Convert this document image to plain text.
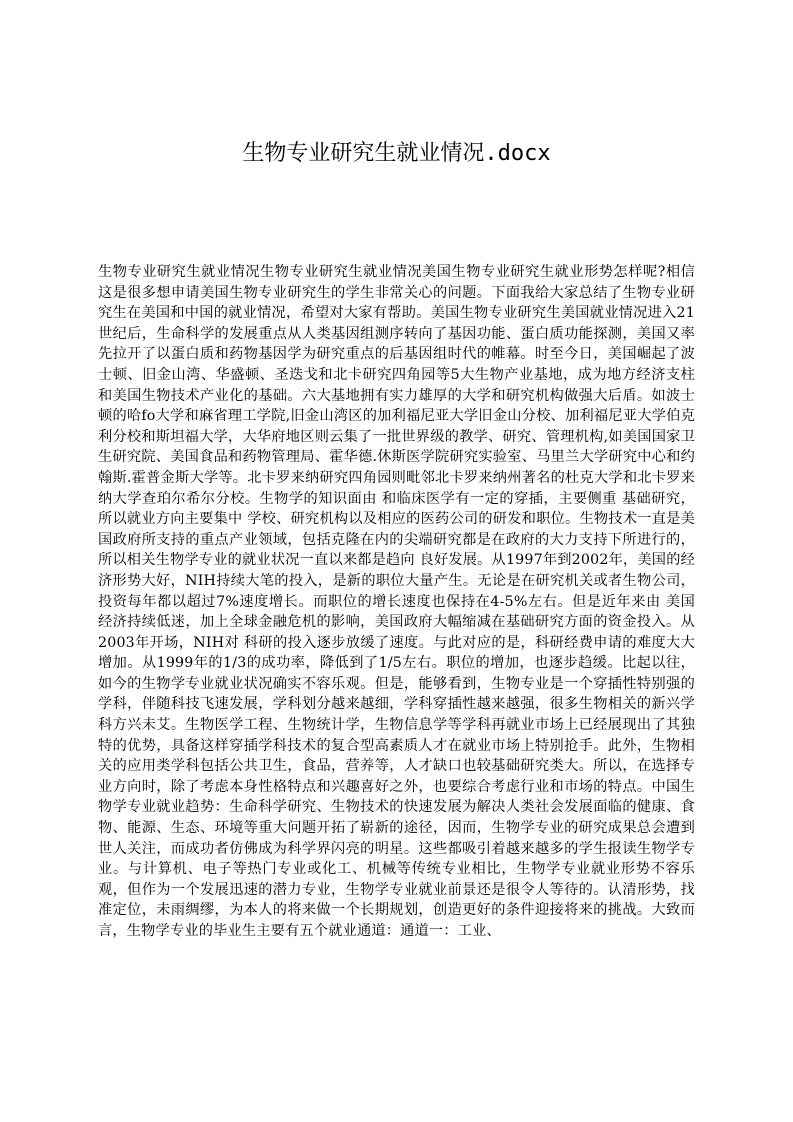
生物专业研究生就业情况.docx

生物专业研究生就业情况生物专业研究生就业情况美国生物专业研究生就业形势怎样呢?相信这是很多想申请美国生物专业研究生的学生非常关心的问题。下面我给大家总结了生物专业研究生在美国和中国的就业情况，希望对大家有帮助。美国生物专业研究生美国就业情况进入21世纪后，生命科学的发展重点从人类基因组测序转向了基因功能、蛋白质功能探测，美国又率先拉开了以蛋白质和药物基因学为研究重点的后基因组时代的帷幕。时至今日，美国崛起了波士顿、旧金山湾、华盛顿、圣迭戈和北卡研究四角园等5大生物产业基地，成为地方经济支柱和美国生物技术产业化的基础。六大基地拥有实力雄厚的大学和研究机构做强大后盾。如波士顿的哈fo大学和麻省理工学院,旧金山湾区的加利福尼亚大学旧金山分校、加利福尼亚大学伯克利分校和斯坦福大学，大华府地区则云集了一批世界级的教学、研究、管理机构,如美国国家卫生研究院、美国食品和药物管理局、霍华德.休斯医学院研究实验室、马里兰大学研究中心和约翰斯.霍普金斯大学等。北卡罗来纳研究四角园则毗邻北卡罗来纳州著名的杜克大学和北卡罗来纳大学查珀尔希尔分校。生物学的知识面由 和临床医学有一定的穿插，主要侧重 基础研究，所以就业方向主要集中 学校、研究机构以及相应的医药公司的研发和职位。生物技术一直是美国政府所支持的重点产业领域，包括克隆在内的尖端研究都是在政府的大力支持下所进行的，所以相关生物学专业的就业状况一直以来都是趋向 良好发展。从1997年到2002年，美国的经济形势大好，NIH持续大笔的投入，是新的职位大量产生。无论是在研究机关或者生物公司，投资每年都以超过7%速度增长。而职位的增长速度也保持在4-5%左右。但是近年来由 美国经济持续低迷，加上全球金融危机的影响，美国政府大幅缩减在基础研究方面的资金投入。从2003年开场，NIH对 科研的投入逐步放缓了速度。与此对应的是，科研经费申请的难度大大增加。从1999年的1/3的成功率，降低到了1/5左右。职位的增加，也逐步趋缓。比起以往，如今的生物学专业就业状况确实不容乐观。但是，能够看到，生物专业是一个穿插性特别强的学科，伴随科技飞速发展，学科划分越来越细，学科穿插性越来越强，很多生物相关的新兴学科方兴未艾。生物医学工程、生物统计学，生物信息学等学科再就业市场上已经展现出了其独特的优势，具备这样穿插学科技术的复合型高素质人才在就业市场上特别抢手。此外，生物相关的应用类学科包括公共卫生，食品，营养等，人才缺口也较基础研究类大。所以，在选择专业方向时，除了考虑本身性格特点和兴趣喜好之外，也要综合考虑行业和市场的特点。中国生物学专业就业趋势：生命科学研究、生物技术的快速发展为解决人类社会发展面临的健康、食物、能源、生态、环境等重大问题开拓了崭新的途径，因而，生物学专业的研究成果总会遭到世人关注，而成功者仿佛成为科学界闪亮的明星。这些都吸引着越来越多的学生报读生物学专业。与计算机、电子等热门专业或化工、机械等传统专业相比，生物学专业就业形势不容乐观，但作为一个发展迅速的潜力专业，生物学专业就业前景还是很令人等待的。认清形势，找准定位，未雨绸缪，为本人的将来做一个长期规划，创造更好的条件迎接将来的挑战。大致而言，生物学专业的毕业生主要有五个就业通道：通道一：工业、
